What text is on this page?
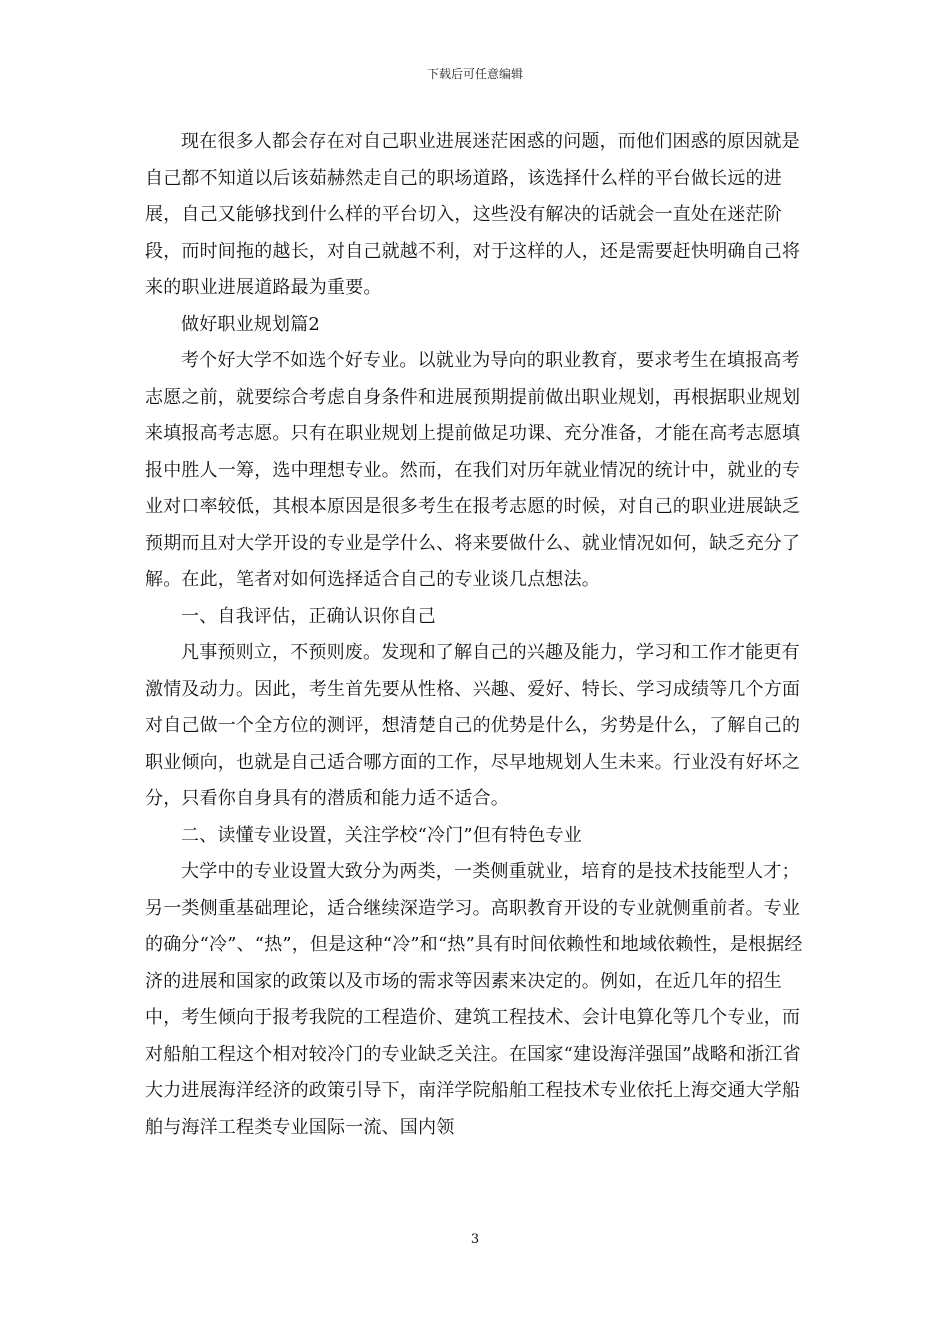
下载后可任意编辑

现在很多人都会存在对自己职业进展迷茫困惑的问题，而他们困惑的原因就是自己都不知道以后该茹赫然走自己的职场道路，该选择什么样的平台做长远的进展，自己又能够找到什么样的平台切入，这些没有解决的话就会一直处在迷茫阶段，而时间拖的越长，对自己就越不利，对于这样的人，还是需要赶快明确自己将来的职业进展道路最为重要。

做好职业规划篇2

考个好大学不如选个好专业。以就业为导向的职业教育，要求考生在填报高考志愿之前，就要综合考虑自身条件和进展预期提前做出职业规划，再根据职业规划来填报高考志愿。只有在职业规划上提前做足功课、充分准备，才能在高考志愿填报中胜人一筹，选中理想专业。然而，在我们对历年就业情况的统计中，就业的专业对口率较低，其根本原因是很多考生在报考志愿的时候，对自己的职业进展缺乏预期而且对大学开设的专业是学什么、将来要做什么、就业情况如何，缺乏充分了解。在此，笔者对如何选择适合自己的专业谈几点想法。

一、自我评估，正确认识你自己

凡事预则立，不预则废。发现和了解自己的兴趣及能力，学习和工作才能更有激情及动力。因此，考生首先要从性格、兴趣、爱好、特长、学习成绩等几个方面对自己做一个全方位的测评，想清楚自己的优势是什么，劣势是什么，了解自己的职业倾向，也就是自己适合哪方面的工作，尽早地规划人生未来。行业没有好坏之分，只看你自身具有的潜质和能力适不适合。

二、读懂专业设置，关注学校“冷门”但有特色专业

大学中的专业设置大致分为两类，一类侧重就业，培育的是技术技能型人才；另一类侧重基础理论，适合继续深造学习。高职教育开设的专业就侧重前者。专业的确分“冷”、“热”，但是这种“冷”和“热”具有时间依赖性和地域依赖性，是根据经济的进展和国家的政策以及市场的需求等因素来决定的。例如，在近几年的招生中，考生倾向于报考我院的工程造价、建筑工程技术、会计电算化等几个专业，而对船舶工程这个相对较冷门的专业缺乏关注。在国家“建设海洋强国”战略和浙江省大力进展海洋经济的政策引导下，南洋学院船舶工程技术专业依托上海交通大学船舶与海洋工程类专业国际一流、国内领

3
